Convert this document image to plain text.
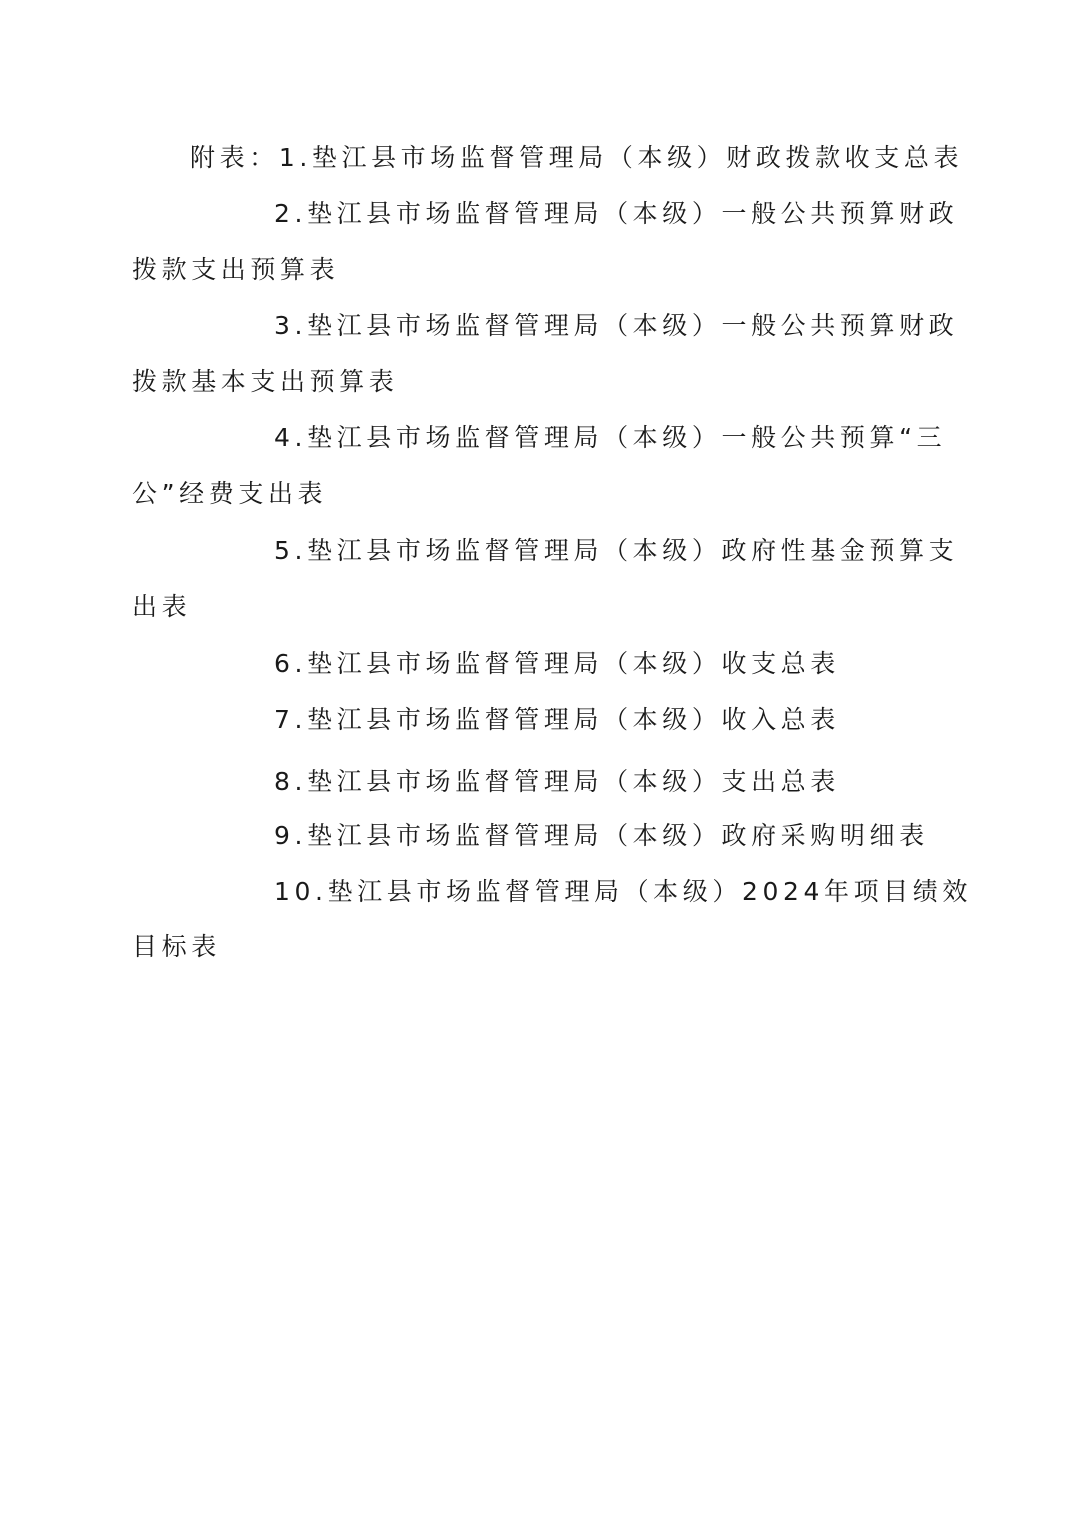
附表：1.垫江县市场监督管理局（本级）财政拨款收支总表

2.垫江县市场监督管理局（本级）一般公共预算财政

拨款支出预算表

3.垫江县市场监督管理局（本级）一般公共预算财政

拨款基本支出预算表

4.垫江县市场监督管理局（本级）一般公共预算“三

公”经费支出表

5.垫江县市场监督管理局（本级）政府性基金预算支

出表

6.垫江县市场监督管理局（本级）收支总表

7.垫江县市场监督管理局（本级）收入总表

8.垫江县市场监督管理局（本级）支出总表

9.垫江县市场监督管理局（本级）政府采购明细表

10.垫江县市场监督管理局（本级）2024年项目绩效

目标表
